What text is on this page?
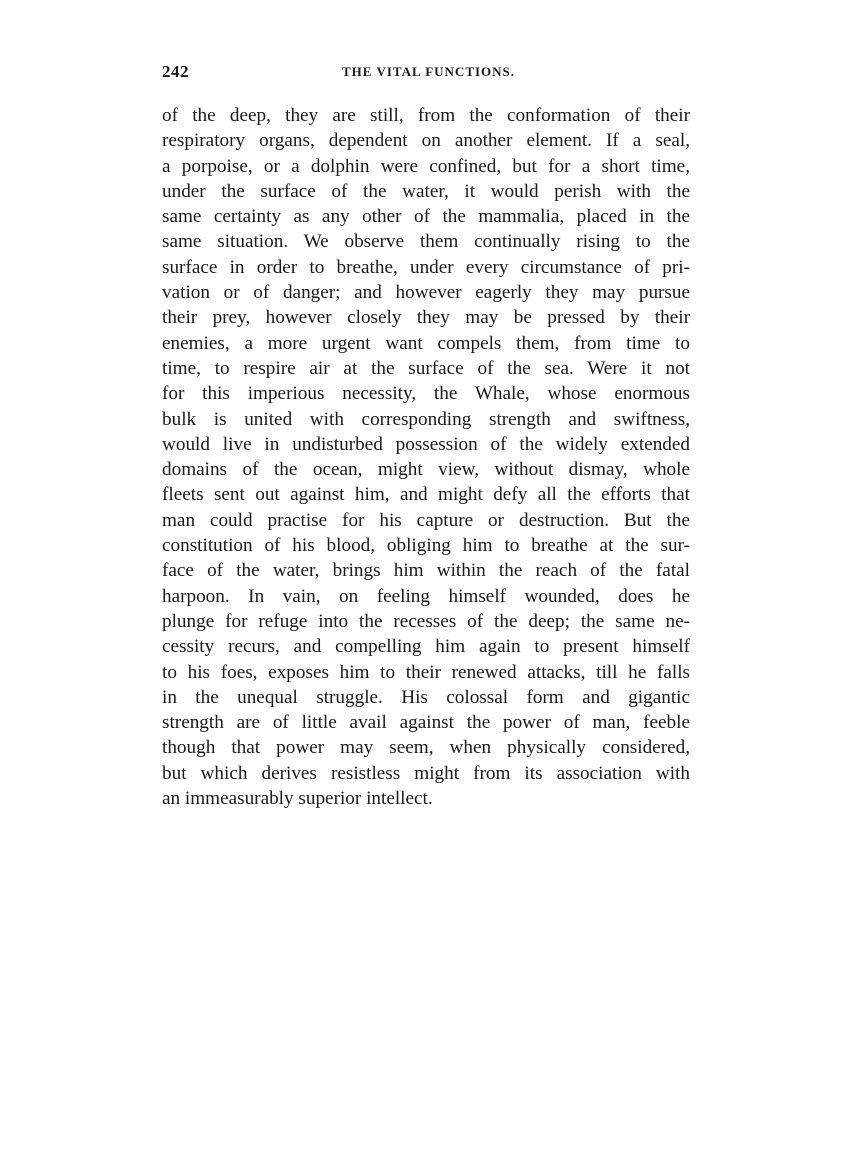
242	THE VITAL FUNCTIONS.
of the deep, they are still, from the conformation of their
respiratory organs, dependent on another element. If a seal,
a porpoise, or a dolphin were confined, but for a short time,
under the surface of the water, it would perish with the
same certainty as any other of the mammalia, placed in the
same situation. We observe them continually rising to the
surface in order to breathe, under every circumstance of pri-
vation or of danger; and however eagerly they may pursue
their prey, however closely they may be pressed by their
enemies, a more urgent want compels them, from time to
time, to respire air at the surface of the sea. Were it not
for this imperious necessity, the Whale, whose enormous
bulk is united with corresponding strength and swiftness,
would live in undisturbed possession of the widely extended
domains of the ocean, might view, without dismay, whole
fleets sent out against him, and might defy all the efforts that
man could practise for his capture or destruction. But the
constitution of his blood, obliging him to breathe at the sur-
face of the water, brings him within the reach of the fatal
harpoon. In vain, on feeling himself wounded, does he
plunge for refuge into the recesses of the deep; the same ne-
cessity recurs, and compelling him again to present himself
to his foes, exposes him to their renewed attacks, till he falls
in the unequal struggle. His colossal form and gigantic
strength are of little avail against the power of man, feeble
though that power may seem, when physically considered,
but which derives resistless might from its association with
an immeasurably superior intellect.
